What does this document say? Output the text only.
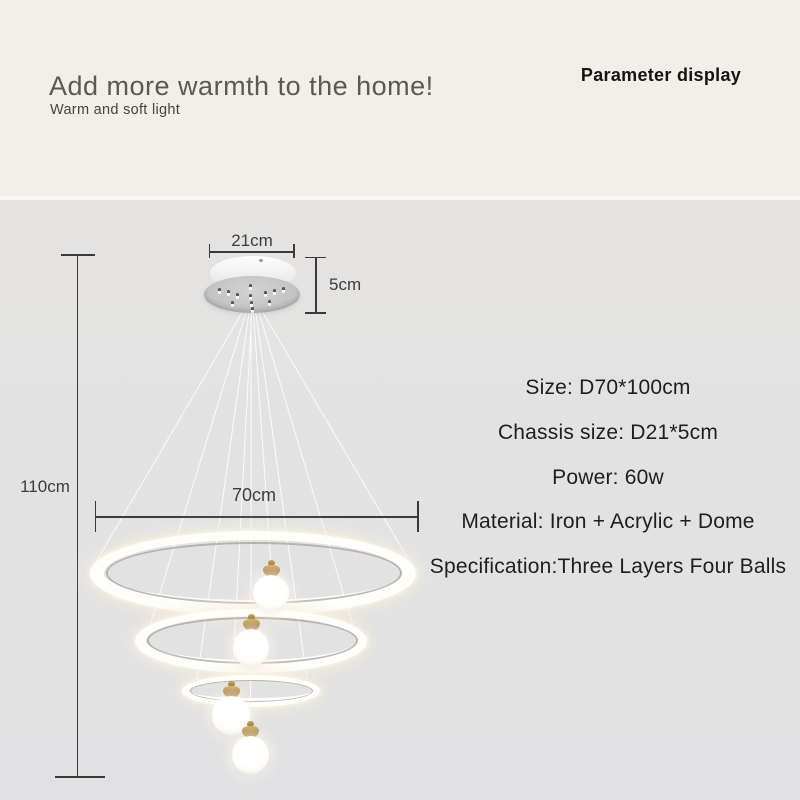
Add more warmth to the home!
Warm and soft light
Parameter display
110cm
21cm
5cm
70cm
Size: D70*100cm
Chassis size: D21*5cm
Power: 60w
Material: Iron + Acrylic + Dome
Specification:Three Layers Four Balls
